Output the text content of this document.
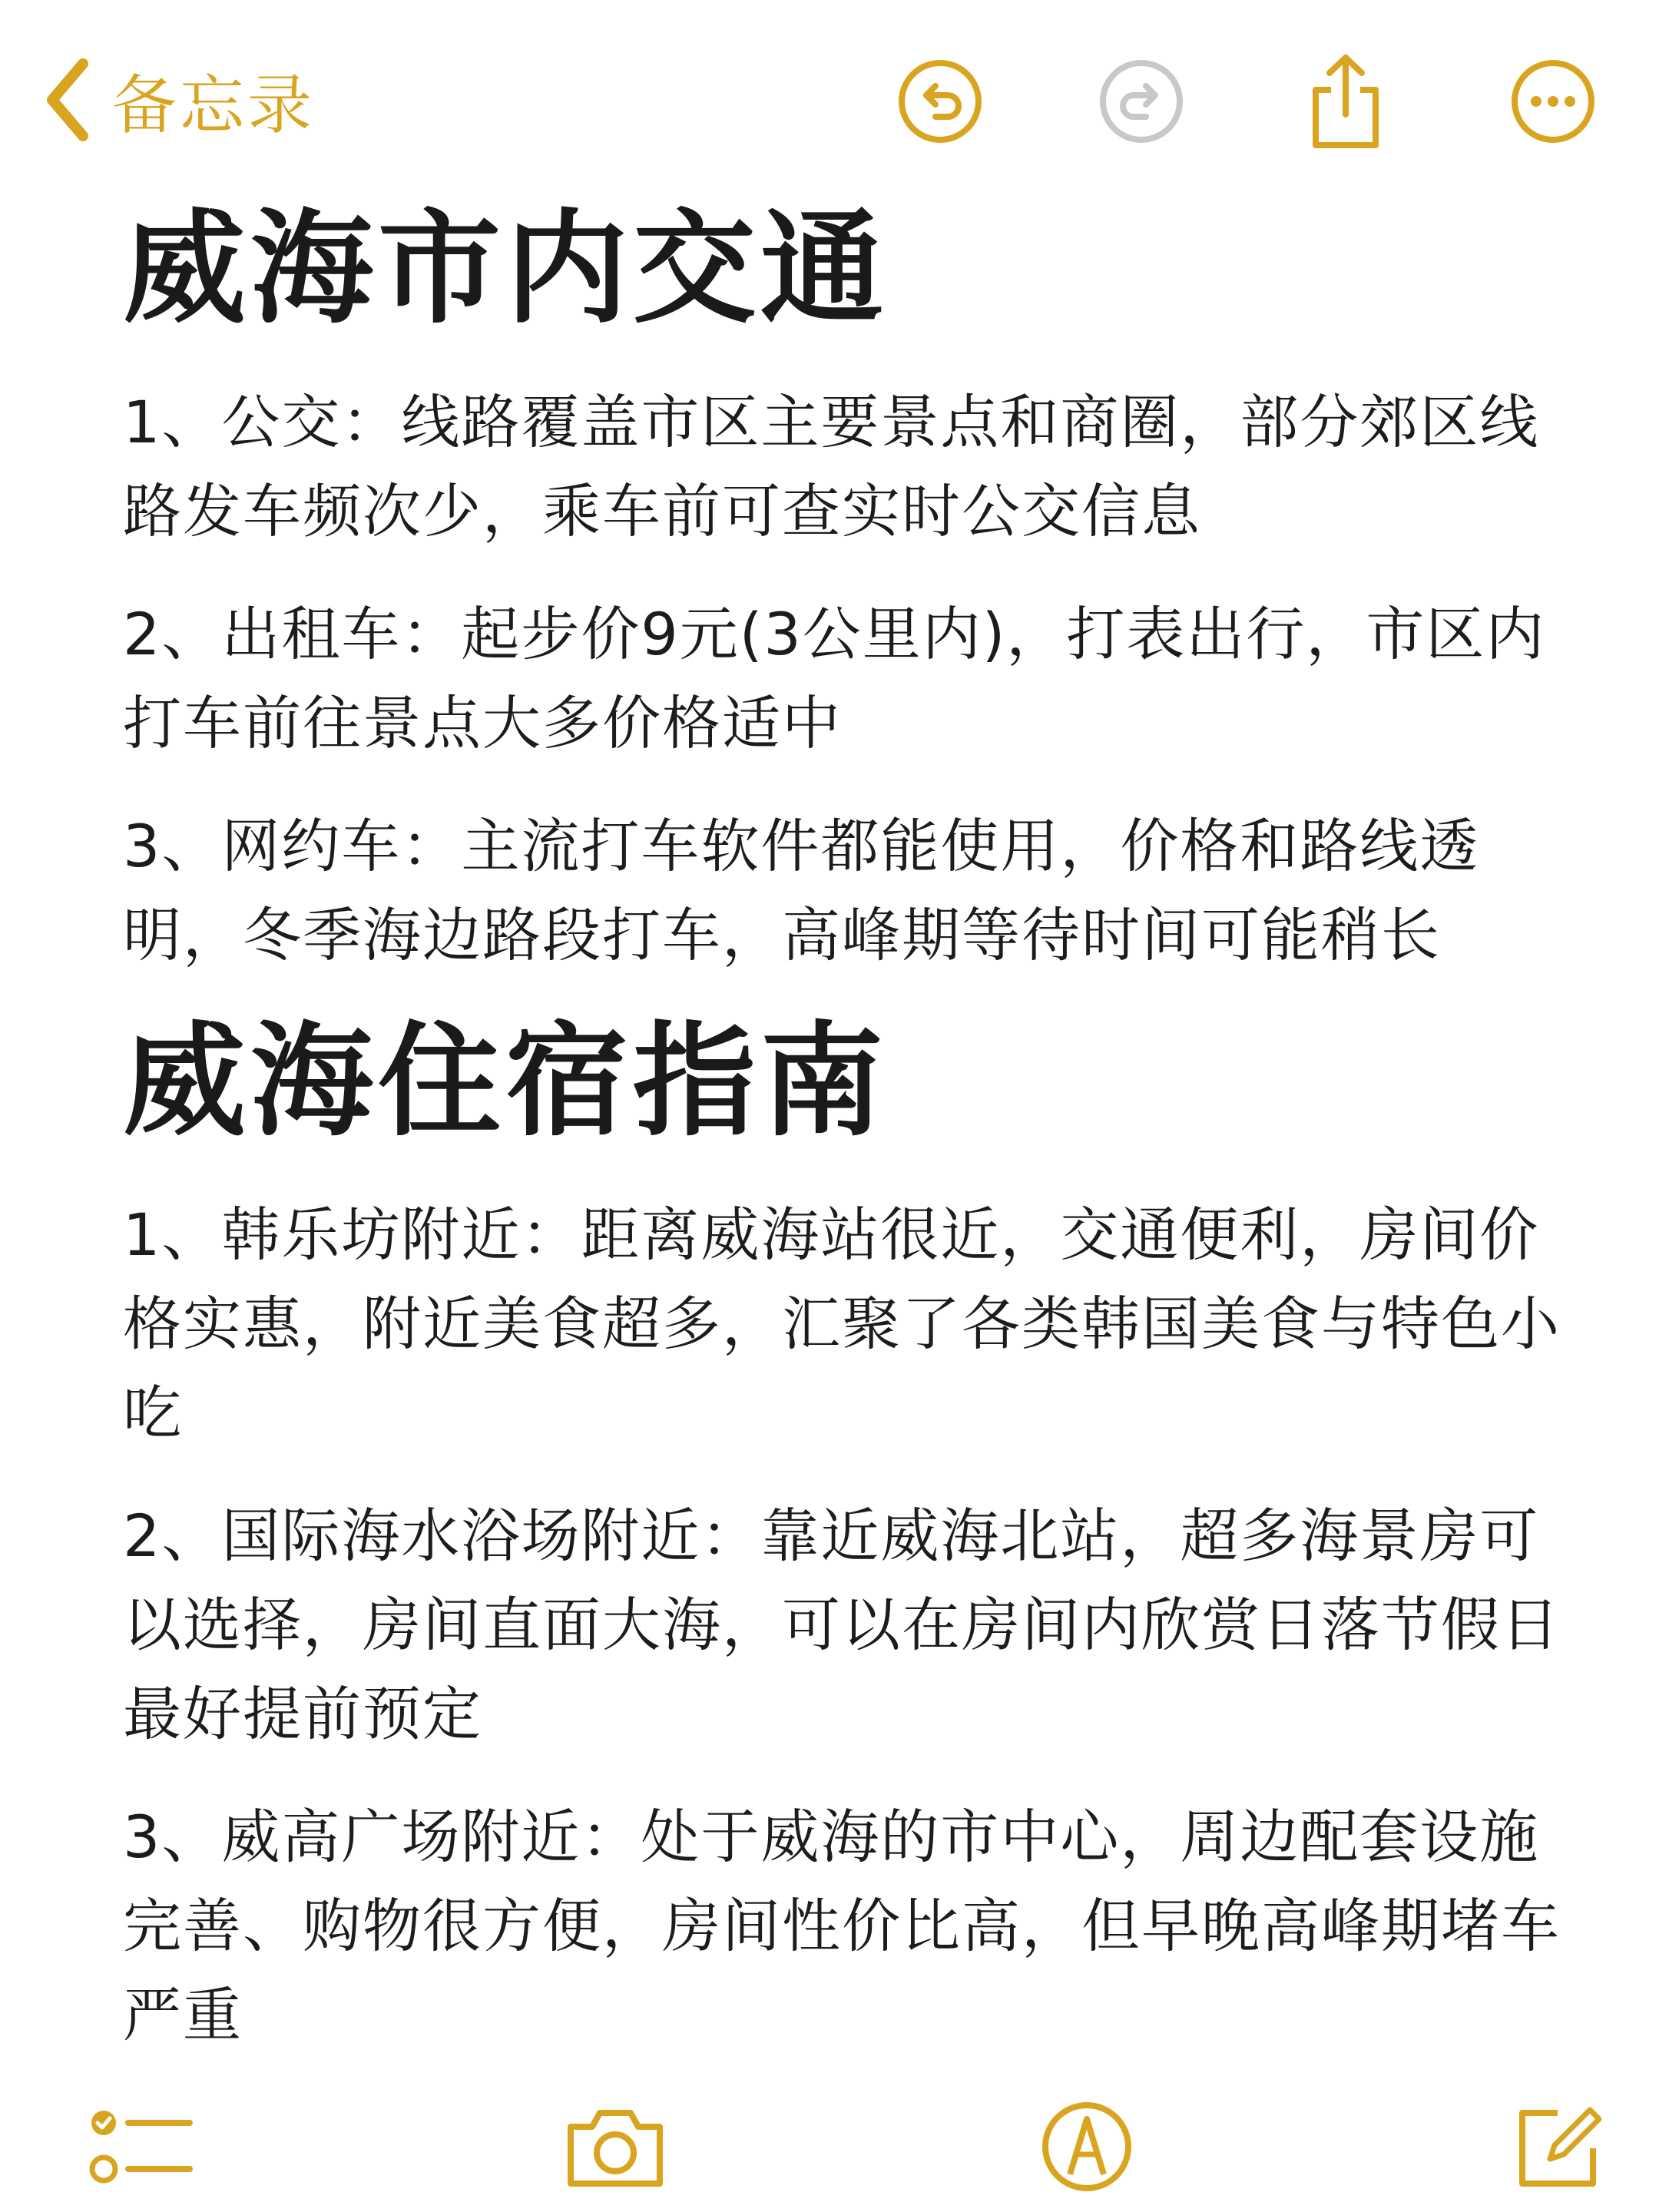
备忘录
威海市内交通

1、公交：线路覆盖市区主要景点和商圈，部分郊区线路发车频次少，乘车前可查实时公交信息

2、出租车：起步价9元(3公里内)，打表出行，市区内打车前往景点大多价格适中

3、网约车：主流打车软件都能使用，价格和路线透明，冬季海边路段打车，高峰期等待时间可能稍长

威海住宿指南

1、韩乐坊附近：距离威海站很近，交通便利，房间价格实惠，附近美食超多，汇聚了各类韩国美食与特色小吃

2、国际海水浴场附近：靠近威海北站，超多海景房可以选择，房间直面大海，可以在房间内欣赏日落节假日最好提前预定

3、威高广场附近：处于威海的市中心，周边配套设施完善、购物很方便，房间性价比高，但早晚高峰期堵车严重
